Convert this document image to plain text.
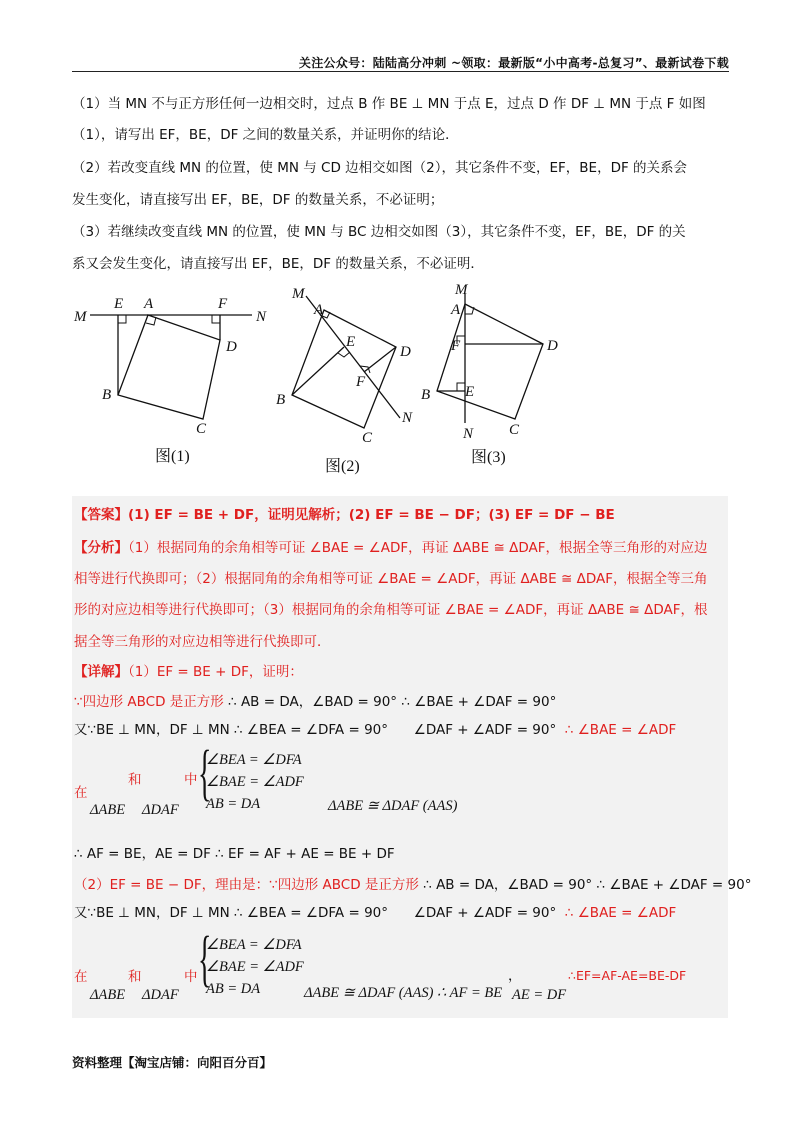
关注公众号：陆陆高分冲刺 ~领取：最新版“小中高考-总复习”、最新试卷下载
（1）当 MN 不与正方形任何一边相交时，过点 B 作 BE ⊥ MN 于点 E，过点 D 作 DF ⊥ MN 于点 F 如图
（1），请写出 EF，BE，DF 之间的数量关系，并证明你的结论．
（2）若改变直线 MN 的位置，使 MN 与 CD 边相交如图（2），其它条件不变，EF，BE，DF 的关系会
发生变化，请直接写出 EF，BE，DF 的数量关系，不必证明；
（3）若继续改变直线 MN 的位置，使 MN 与 BC 边相交如图（3），其它条件不变，EF，BE，DF 的关
系又会发生变化，请直接写出 EF，BE，DF 的数量关系，不必证明．
M
E A	F
N
D
B
C
图(1)
M
A
E
D
F
B
N
C
图(2)
M
A
F	D
B E
N C
图(3)
【答案】(1) EF = BE + DF，证明见解析；(2) EF = BE − DF；(3) EF = DF − BE
【分析】（1）根据同角的余角相等可证 ∠BAE = ∠ADF，再证 ΔABE ≅ ΔDAF，根据全等三角形的对应边
相等进行代换即可；（2）根据同角的余角相等可证 ∠BAE = ∠ADF，再证 ΔABE ≅ ΔDAF，根据全等三角
形的对应边相等进行代换即可；（3）根据同角的余角相等可证 ∠BAE = ∠ADF，再证 ΔABE ≅ ΔDAF，根
据全等三角形的对应边相等进行代换即可．
【详解】（1）EF = BE + DF，证明：
∵四边形 ABCD 是正方形 ∴ AB = DA，∠BAD = 90° ∴ ∠BAE + ∠DAF = 90°
又∵BE ⊥ MN，DF ⊥ MN ∴ ∠BEA = ∠DFA = 90° ∠DAF + ∠ADF = 90° ∴ ∠BAE = ∠ADF
在
和	中
ΔABE ΔDAF
{
∠BEA = ∠DFA
∠BAE = ∠ADF
AB = DA	ΔABE ≅ ΔDAF (AAS)
∴ AF = BE，AE = DF ∴ EF = AF + AE = BE + DF
（2）EF = BE − DF，理由是：∵四边形 ABCD 是正方形 ∴ AB = DA，∠BAD = 90° ∴ ∠BAE + ∠DAF = 90°
又∵BE ⊥ MN，DF ⊥ MN ∴ ∠BEA = ∠DFA = 90° ∠DAF + ∠ADF = 90° ∴ ∠BAE = ∠ADF
在	和	中
ΔABE ΔDAF
{
∠BEA = ∠DFA
∠BAE = ∠ADF
AB = DA	ΔABE ≅ ΔDAF (AAS) ∴ AF = BE AE = DF
，	∴EF=AF-AE=BE-DF
资料整理【淘宝店铺：向阳百分百】
